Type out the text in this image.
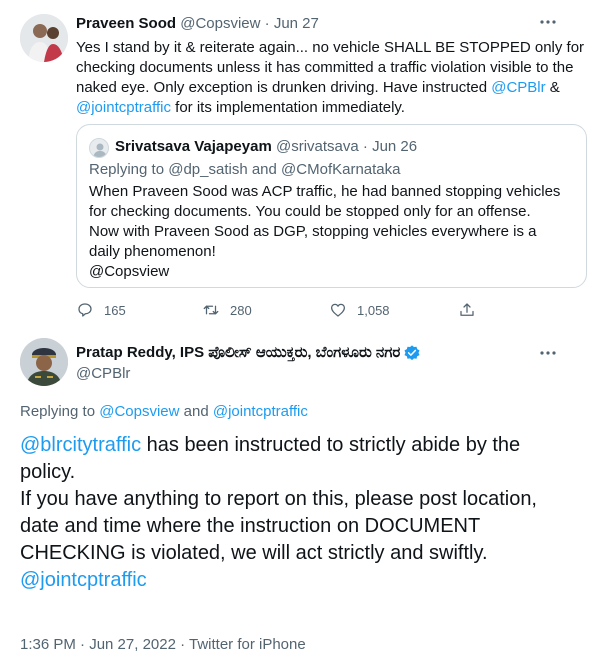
Praveen Sood @Copsview · Jun 27
Yes I stand by it & reiterate again... no vehicle SHALL BE STOPPED only for checking documents unless it has committed a traffic violation visible to the naked eye. Only exception is drunken driving. Have instructed @CPBlr & @jointcptraffic for its implementation immediately.
Srivatsava Vajapeyam @srivatsava · Jun 26
Replying to @dp_satish and @CMofKarnataka

When Praveen Sood was ACP traffic, he had banned stopping vehicles for checking documents. You could be stopped only for an offense.

Now with Praveen Sood as DGP, stopping vehicles everywhere is a daily phenomenon!

@Copsview

165	280	1,058
Pratap Reddy, IPS ಪೊಲೀಸ್ ಆಯುಕ್ತರು, ಬೆಂಗಳೂರು ನಗರ
@CPBlr
Replying to @Copsview and @jointcptraffic

@blrcitytraffic has been instructed to strictly abide by the policy.

If you have anything to report on this, please post location, date and time where the instruction on DOCUMENT CHECKING is violated, we will act strictly and swiftly.

@jointcptraffic

1:36 PM · Jun 27, 2022 · Twitter for iPhone
